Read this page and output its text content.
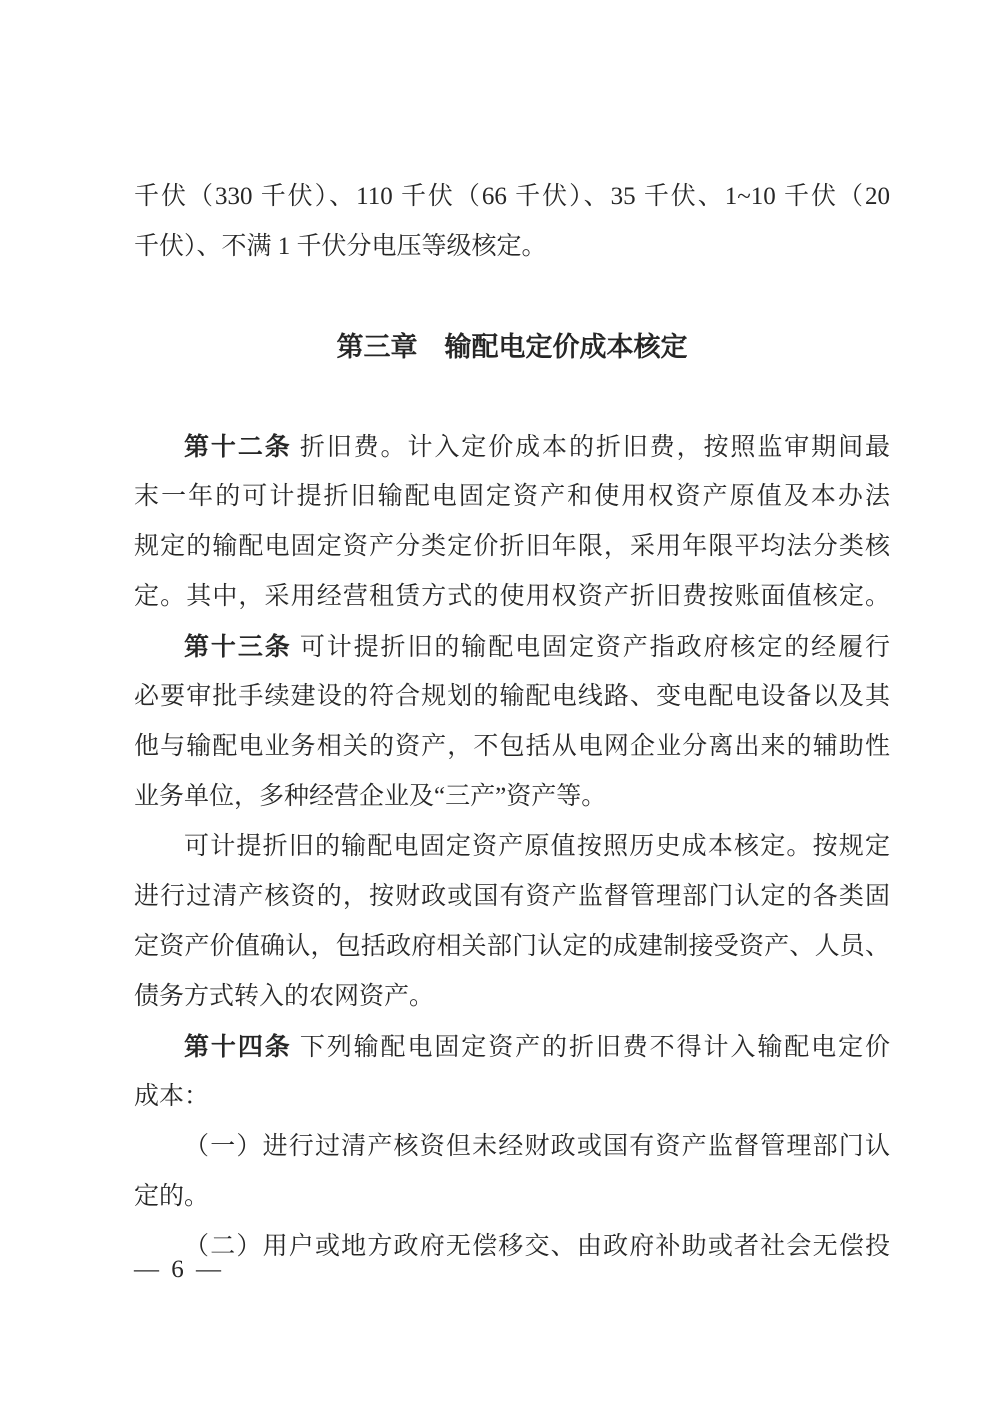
千伏（330 千伏）、110 千伏（66 千伏）、35 千伏、1~10 千伏（20
千伏）、不满 1 千伏分电压等级核定。
第三章　输配电定价成本核定
第十二条 折旧费。计入定价成本的折旧费，按照监审期间最
末一年的可计提折旧输配电固定资产和使用权资产原值及本办法
规定的输配电固定资产分类定价折旧年限，采用年限平均法分类核
定。其中，采用经营租赁方式的使用权资产折旧费按账面值核定。
第十三条 可计提折旧的输配电固定资产指政府核定的经履行
必要审批手续建设的符合规划的输配电线路、变电配电设备以及其
他与输配电业务相关的资产，不包括从电网企业分离出来的辅助性
业务单位，多种经营企业及“三产”资产等。
可计提折旧的输配电固定资产原值按照历史成本核定。按规定
进行过清产核资的，按财政或国有资产监督管理部门认定的各类固
定资产价值确认，包括政府相关部门认定的成建制接受资产、人员、
债务方式转入的农网资产。
第十四条 下列输配电固定资产的折旧费不得计入输配电定价
成本：
（一）进行过清产核资但未经财政或国有资产监督管理部门认
定的。
（二）用户或地方政府无偿移交、由政府补助或者社会无偿投
— 6 —
